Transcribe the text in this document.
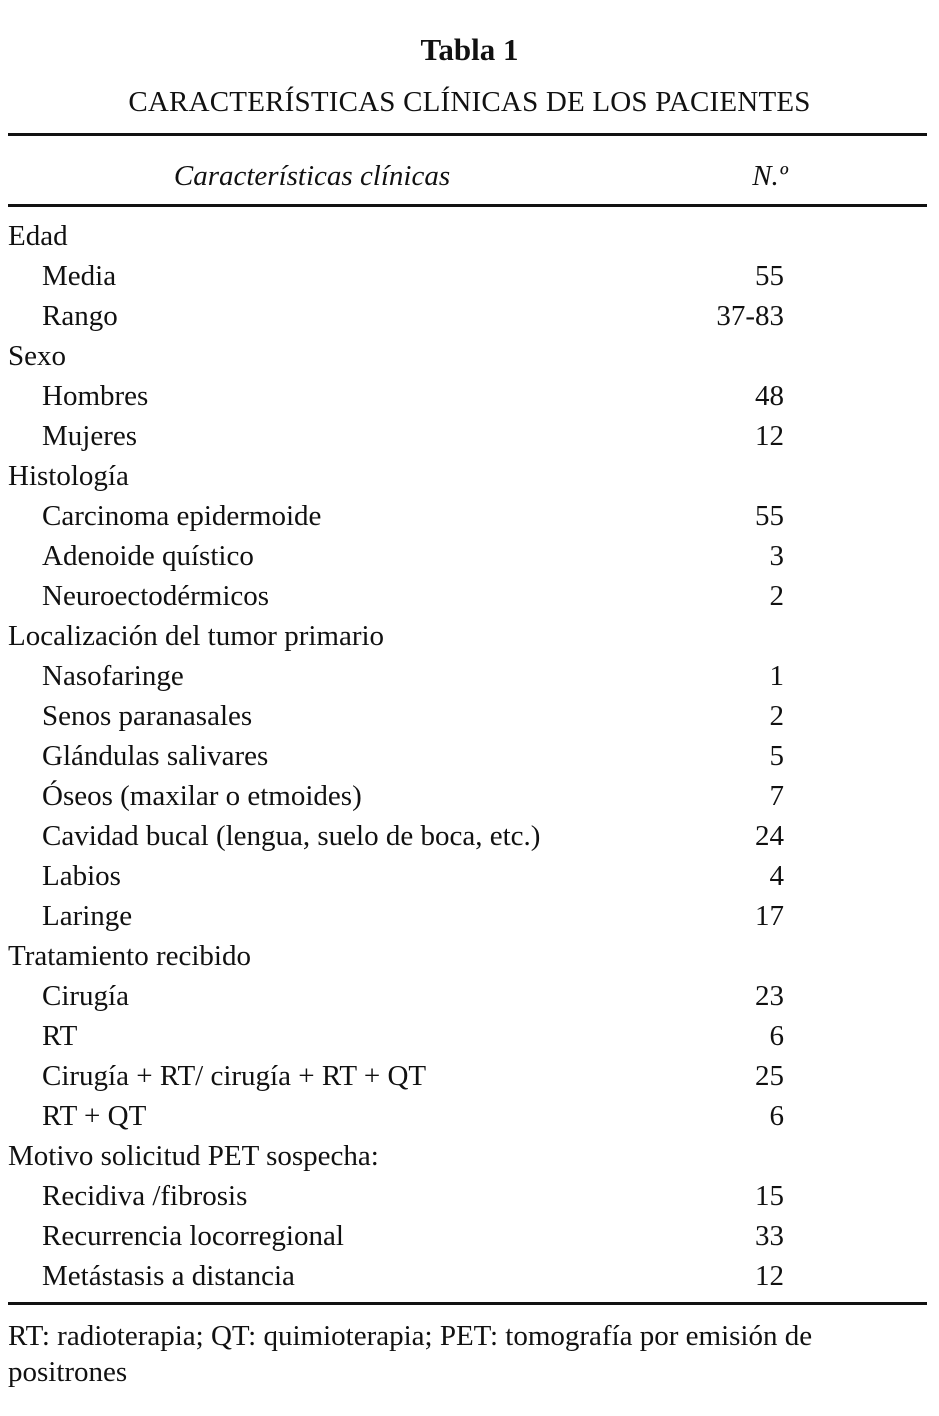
Tabla 1
CARACTERÍSTICAS CLÍNICAS DE LOS PACIENTES
Características clínicas	N.º
Edad
Media	55
Rango	37-83
Sexo
Hombres	48
Mujeres	12
Histología
Carcinoma epidermoide	55
Adenoide quístico	3
Neuroectodérmicos	2
Localización del tumor primario
Nasofaringe	1
Senos paranasales	2
Glándulas salivares	5
Óseos (maxilar o etmoides)	7
Cavidad bucal (lengua, suelo de boca, etc.)	24
Labios	4
Laringe	17
Tratamiento recibido
Cirugía	23
RT	6
Cirugía + RT/ cirugía + RT + QT	25
RT + QT	6
Motivo solicitud PET sospecha:
Recidiva /fibrosis	15
Recurrencia locorregional	33
Metástasis a distancia	12
RT: radioterapia; QT: quimioterapia; PET: tomografía por emisión de positrones
